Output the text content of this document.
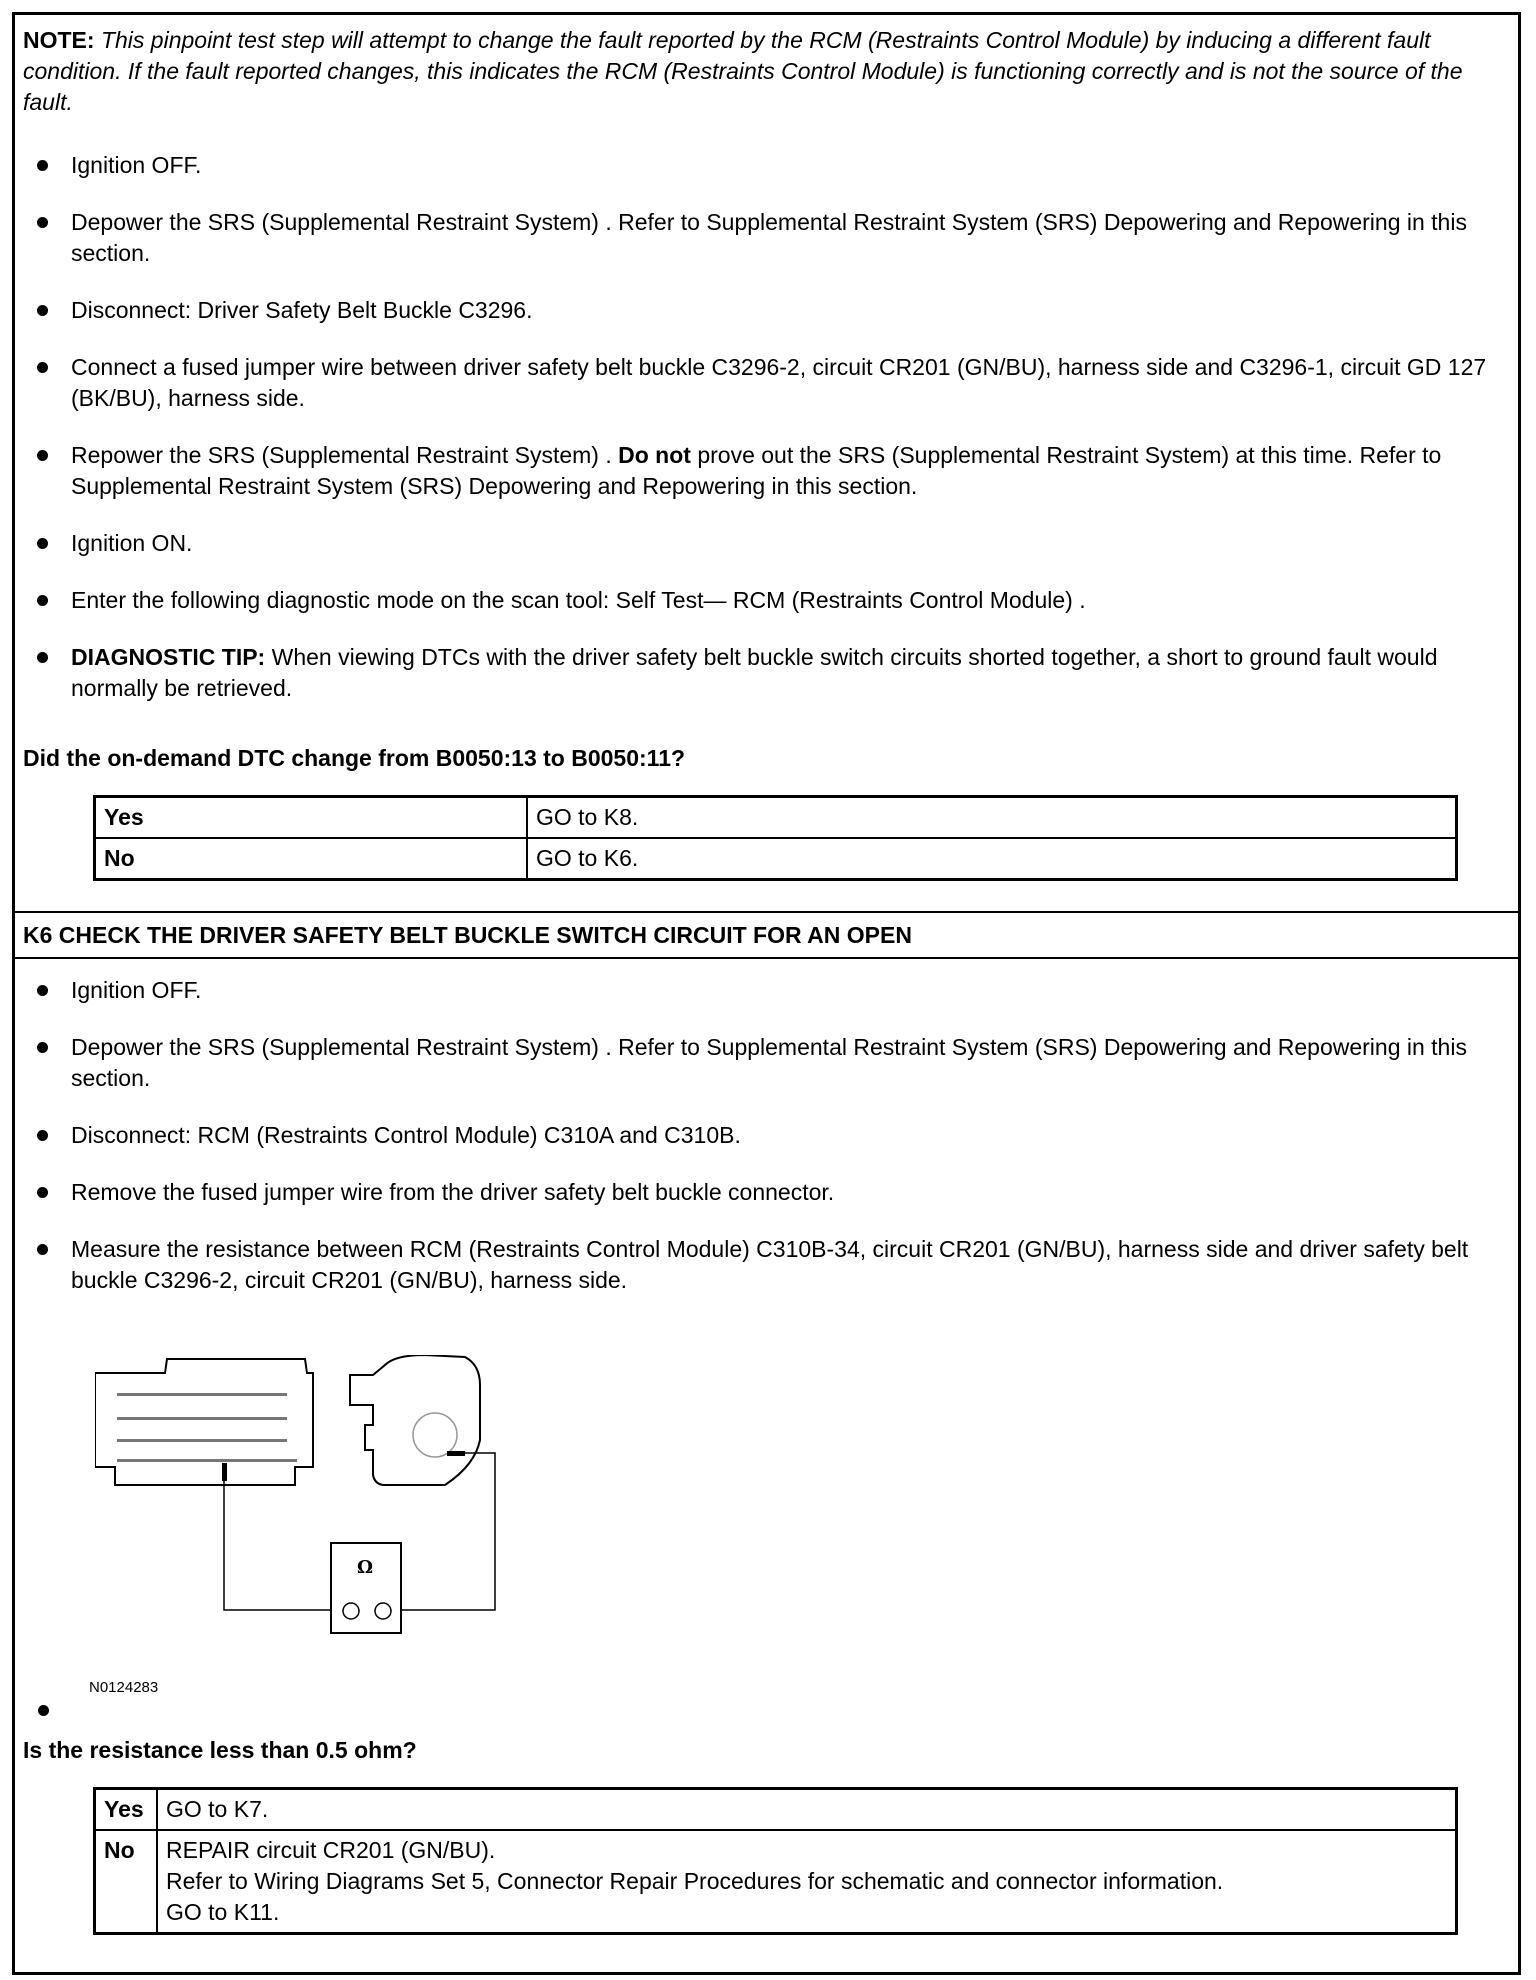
NOTE: This pinpoint test step will attempt to change the fault reported by the RCM (Restraints Control Module) by inducing a different fault condition. If the fault reported changes, this indicates the RCM (Restraints Control Module) is functioning correctly and is not the source of the fault.
Ignition OFF.
Depower the SRS (Supplemental Restraint System) . Refer to Supplemental Restraint System (SRS) Depowering and Repowering in this section.
Disconnect: Driver Safety Belt Buckle C3296.
Connect a fused jumper wire between driver safety belt buckle C3296-2, circuit CR201 (GN/BU), harness side and C3296-1, circuit GD 127 (BK/BU), harness side.
Repower the SRS (Supplemental Restraint System) . Do not prove out the SRS (Supplemental Restraint System) at this time. Refer to Supplemental Restraint System (SRS) Depowering and Repowering in this section.
Ignition ON.
Enter the following diagnostic mode on the scan tool: Self Test— RCM (Restraints Control Module) .
DIAGNOSTIC TIP: When viewing DTCs with the driver safety belt buckle switch circuits shorted together, a short to ground fault would normally be retrieved.
Did the on-demand DTC change from B0050:13 to B0050:11?
Yes	GO to K8.
No	GO to K6.
K6 CHECK THE DRIVER SAFETY BELT BUCKLE SWITCH CIRCUIT FOR AN OPEN
Ignition OFF.
Depower the SRS (Supplemental Restraint System) . Refer to Supplemental Restraint System (SRS) Depowering and Repowering in this section.
Disconnect: RCM (Restraints Control Module) C310A and C310B.
Remove the fused jumper wire from the driver safety belt buckle connector.
Measure the resistance between RCM (Restraints Control Module) C310B-34, circuit CR201 (GN/BU), harness side and driver safety belt buckle C3296-2, circuit CR201 (GN/BU), harness side.
Ω
N0124283
Is the resistance less than 0.5 ohm?
Yes	GO to K7.
No	REPAIR circuit CR201 (GN/BU).
Refer to Wiring Diagrams Set 5, Connector Repair Procedures for schematic and connector information.
GO to K11.
